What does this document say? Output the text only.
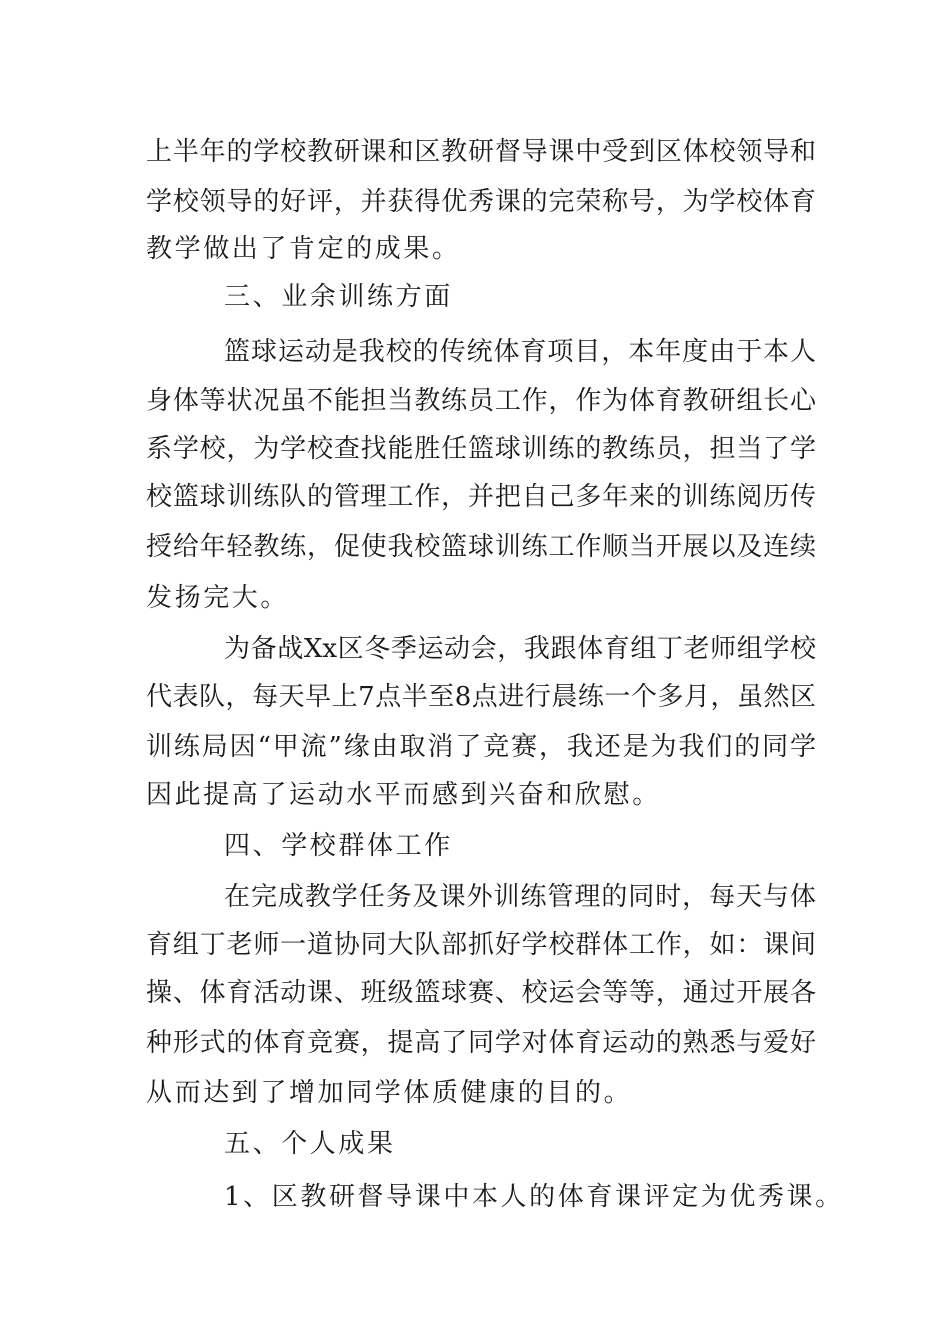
上半年的学校教研课和区教研督导课中受到区体校领导和
学校领导的好评，并获得优秀课的完荣称号，为学校体育
教学做出了肯定的成果。
三、业余训练方面
篮球运动是我校的传统体育项目，本年度由于本人
身体等状况虽不能担当教练员工作，作为体育教研组长心
系学校，为学校查找能胜任篮球训练的教练员，担当了学
校篮球训练队的管理工作，并把自己多年来的训练阅历传
授给年轻教练，促使我校篮球训练工作顺当开展以及连续
发扬完大。
为备战Xx区冬季运动会，我跟体育组丁老师组学校
代表队，每天早上7点半至8点进行晨练一个多月，虽然区
训练局因“甲流”缘由取消了竞赛，我还是为我们的同学
因此提高了运动水平而感到兴奋和欣慰。
四、学校群体工作
在完成教学任务及课外训练管理的同时，每天与体
育组丁老师一道协同大队部抓好学校群体工作，如：课间
操、体育活动课、班级篮球赛、校运会等等，通过开展各
种形式的体育竞赛，提高了同学对体育运动的熟悉与爱好
从而达到了增加同学体质健康的目的。
五、个人成果
1、区教研督导课中本人的体育课评定为优秀课。
